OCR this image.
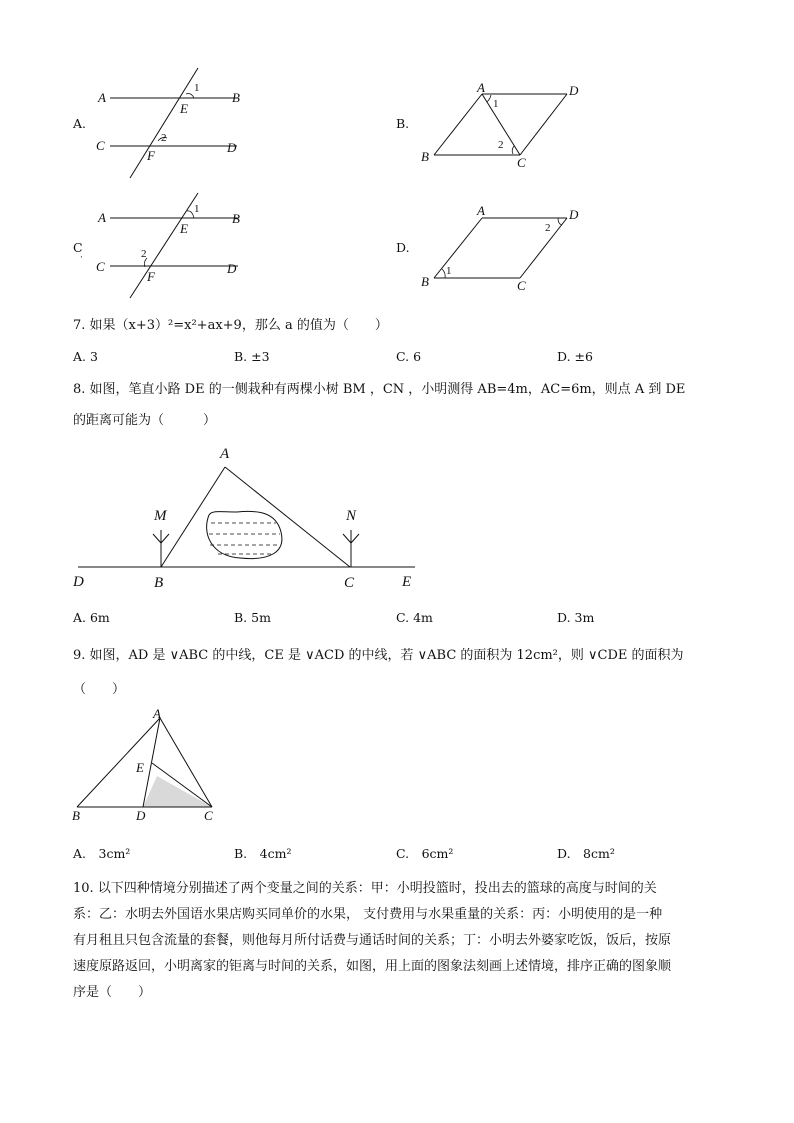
A.
A	B
1
E
2
C	D
F
B.
A	D
1
2
B	C
C
·
A	B
1
E
2
C	D
F
D.
A	D
2
1
B	C
7. 如果（x+3）²=x²+ax+9，那么 a 的值为（　　）
A. 3	B. ±3	C. 6	D. ±6
8. 如图，笔直小路 DE 的一侧栽种有两棵小树 BM ，CN ，小明测得 AB=4m，AC=6m，则点 A 到 DE
的距离可能为（　　　）
A
M	N
D	B	C	E
A. 6m	B. 5m	C. 4m	D. 3m
9. 如图，AD 是 ∨ABC 的中线，CE 是 ∨ACD 的中线，若 ∨ABC 的面积为 12cm²，则 ∨CDE 的面积为
（　　）
A
E
B	D	C
A.　3cm²	B.　4cm²	C.　6cm²	D.　8cm²
10. 以下四种情境分别描述了两个变量之间的关系：甲：小明投篮时，投出去的篮球的高度与时间的关
系：乙：水明去外国语水果店购买同单价的水果， 支付费用与水果重量的关系：丙：小明使用的是一种
有月租且只包含流量的套餐，则他每月所付话费与通话时间的关系；丁：小明去外婆家吃饭，饭后，按原
速度原路返回，小明离家的钜离与时间的关系，如图，用上面的图象法刻画上述情境，排序正确的图象顺
序是（　　）
